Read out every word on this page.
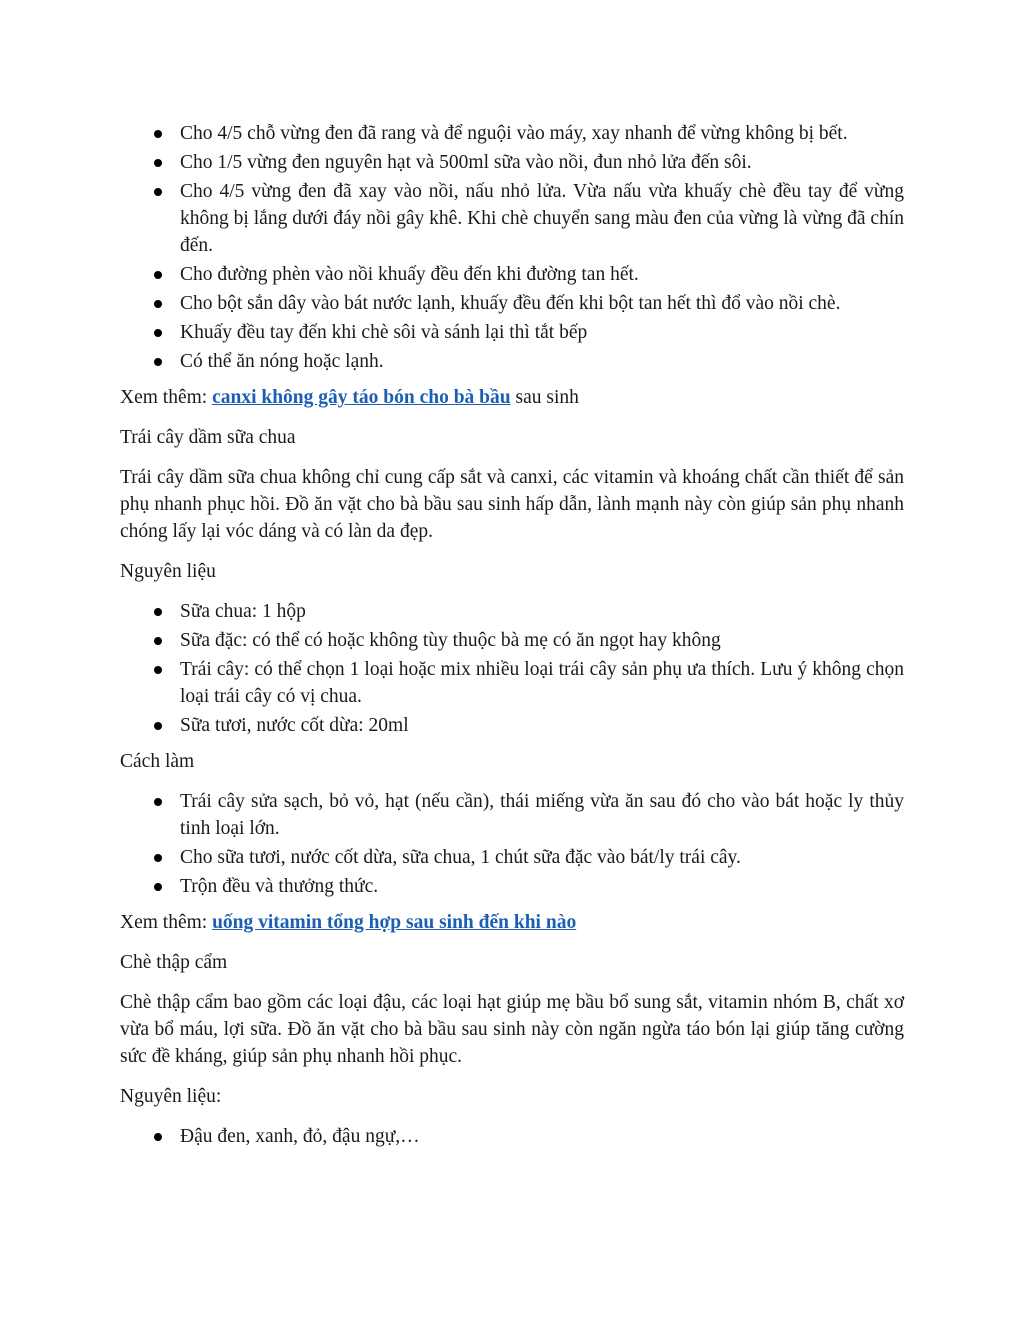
Cho 4/5 chỗ vừng đen đã rang và để nguội vào máy, xay nhanh để vừng không bị bết.
Cho 1/5 vừng đen nguyên hạt và 500ml sữa vào nồi, đun nhỏ lửa đến sôi.
Cho 4/5 vừng đen đã xay vào nồi, nấu nhỏ lửa. Vừa nấu vừa khuấy chè đều tay để vừng không bị lắng dưới đáy nồi gây khê. Khi chè chuyển sang màu đen của vừng là vừng đã chín đến.
Cho đường phèn vào nồi khuấy đều đến khi đường tan hết.
Cho bột sắn dây vào bát nước lạnh, khuấy đều đến khi bột tan hết thì đổ vào nồi chè.
Khuấy đều tay đến khi chè sôi và sánh lại thì tắt bếp
Có thể ăn nóng hoặc lạnh.

Xem thêm: canxi không gây táo bón cho bà bầu sau sinh

Trái cây dầm sữa chua

Trái cây dầm sữa chua không chỉ cung cấp sắt và canxi, các vitamin và khoáng chất cần thiết để sản phụ nhanh phục hồi. Đồ ăn vặt cho bà bầu sau sinh hấp dẫn, lành mạnh này còn giúp sản phụ nhanh chóng lấy lại vóc dáng và có làn da đẹp.

Nguyên liệu

Sữa chua: 1 hộp
Sữa đặc: có thể có hoặc không tùy thuộc bà mẹ có ăn ngọt hay không
Trái cây: có thể chọn 1 loại hoặc mix nhiều loại trái cây sản phụ ưa thích. Lưu ý không chọn loại trái cây có vị chua.
Sữa tươi, nước cốt dừa: 20ml

Cách làm

Trái cây sửa sạch, bỏ vỏ, hạt (nếu cần), thái miếng vừa ăn sau đó cho vào bát hoặc ly thủy tinh loại lớn.
Cho sữa tươi, nước cốt dừa, sữa chua, 1 chút sữa đặc vào bát/ly trái cây.
Trộn đều và thưởng thức.

Xem thêm: uống vitamin tổng hợp sau sinh đến khi nào

Chè thập cẩm

Chè thập cẩm bao gồm các loại đậu, các loại hạt giúp mẹ bầu bổ sung sắt, vitamin nhóm B, chất xơ vừa bổ máu, lợi sữa. Đồ ăn vặt cho bà bầu sau sinh này còn ngăn ngừa táo bón lại giúp tăng cường sức đề kháng, giúp sản phụ nhanh hồi phục.

Nguyên liệu:

Đậu đen, xanh, đỏ, đậu ngự,…
